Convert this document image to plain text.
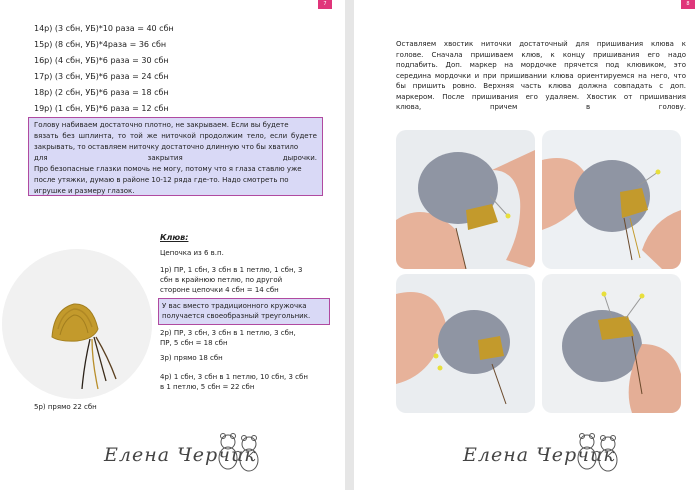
7
14р) (3 сбн, УБ)*10 раза = 40 сбн
15р) (8 сбн, УБ)*4раза = 36 сбн
16р) (4 сбн, УБ)*6 раза = 30 сбн
17р) (3 сбн, УБ)*6 раза = 24 сбн
18р) (2 сбн, УБ)*6 раза = 18 сбн
19р) (1 сбн, УБ)*6 раза = 12 сбн
Голову набиваем достаточно плотно, не закрываем. Если вы будете
вязать без шплинта, то той же ниточкой продолжим тело, если будете
закрывать, то оставляем ниточку достаточно длинную что бы хватило
для закрытия дырочки.
Про безопасные глазки помочь не могу, потому что я глаза ставлю уже
после утяжки, думаю в районе 10-12 ряда где-то. Надо смотреть по
игрушке и размеру глазок.
Клюв:
Цепочка из 6 в.п.
1р) ПР, 1 сбн, 3 сбн в 1 петлю, 1 сбн, 3
сбн в крайнюю петлю, по другой
стороне цепочки 4 сбн = 14 сбн
У вас вместо традиционного кружочка
получается своеобразный треугольник.
2р) ПР, 3 сбн, 3 сбн в 1 петлю, 3 сбн,
ПР, 5 сбн = 18 сбн
3р) прямо 18 сбн
4р) 1 сбн, 3 сбн в 1 петлю, 10 сбн, 3 сбн
в 1 петлю, 5 сбн = 22 сбн
5р) прямо 22 сбн
Елена Черчик
8
Оставляем хвостик ниточки достаточный для пришивания клюва к
голове. Сначала пришиваем клюв, к концу пришивания его надо
подпабить. Доп. маркер на мордочке прячется под клювиком, это
середина мордочки и при пришивании клюва ориентируемся на него, что
бы пришить ровно. Верхняя часть клюва должна совпадать с доп.
маркером. После пришивания его удаляем. Хвостик от пришивания
клюва, причем в голову.
Елена Черчик
